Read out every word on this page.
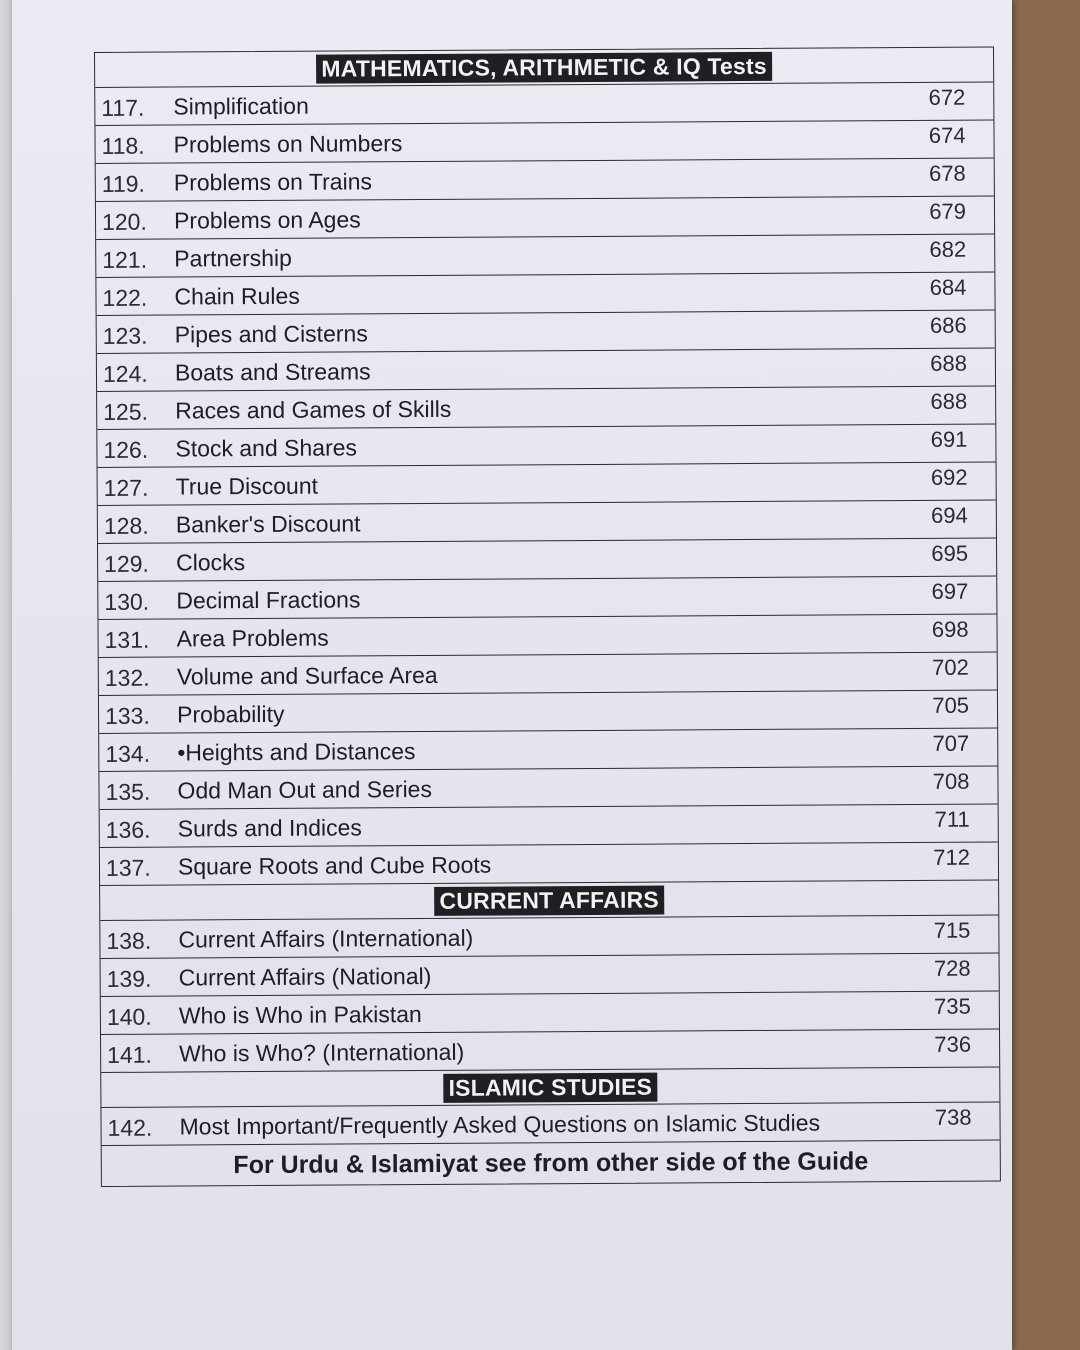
MATHEMATICS, ARITHMETIC & IQ Tests
117.	Simplification	672
118.	Problems on Numbers	674
119.	Problems on Trains	678
120.	Problems on Ages	679
121.	Partnership	682
122.	Chain Rules	684
123.	Pipes and Cisterns	686
124.	Boats and Streams	688
125.	Races and Games of Skills	688
126.	Stock and Shares	691
127.	True Discount	692
128.	Banker's Discount	694
129.	Clocks	695
130.	Decimal Fractions	697
131.	Area Problems	698
132.	Volume and Surface Area	702
133.	Probability	705
134.	•Heights and Distances	707
135.	Odd Man Out and Series	708
136.	Surds and Indices	711
137.	Square Roots and Cube Roots	712
CURRENT AFFAIRS
138.	Current Affairs (International)	715
139.	Current Affairs (National)	728
140.	Who is Who in Pakistan	735
141.	Who is Who? (International)	736
ISLAMIC STUDIES
142.	Most Important/Frequently Asked Questions on Islamic Studies	738
For Urdu & Islamiyat see from other side of the Guide
